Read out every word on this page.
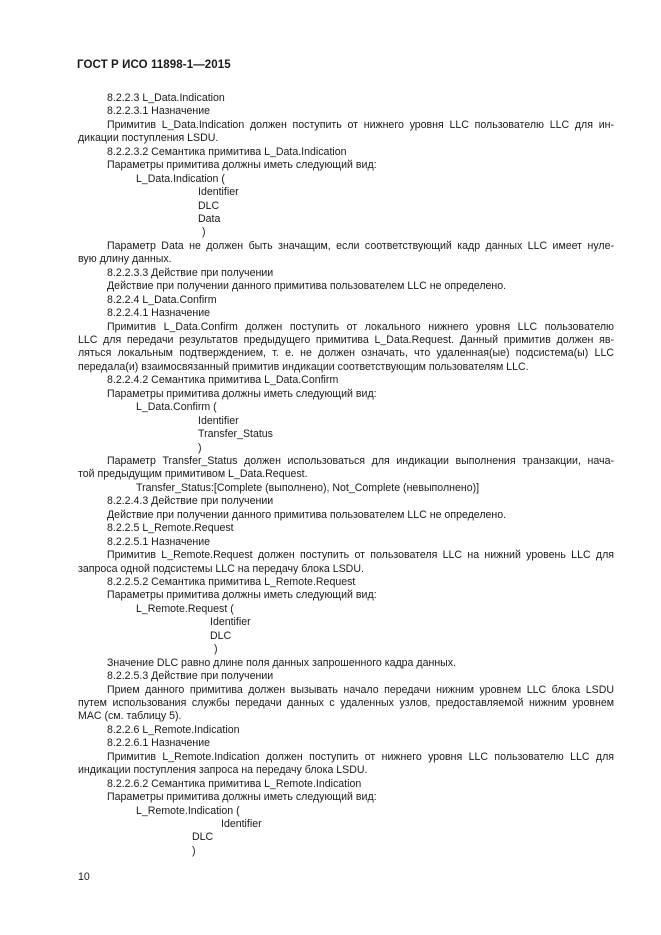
ГОСТ Р ИСО 11898-1—2015
8.2.2.3 L_Data.Indication
8.2.2.3.1 Назначение
Примитив L_Data.Indication должен поступить от нижнего уровня LLC пользователю LLC для ин-
дикации поступления LSDU.
8.2.2.3.2 Семантика примитива L_Data.Indication
Параметры примитива должны иметь следующий вид:
L_Data.Indication (
Identifier
DLC
Data
)
Параметр Data не должен быть значащим, если соответствующий кадр данных LLC имеет нуле-
вую длину данных.
8.2.2.3.3 Действие при получении
Действие при получении данного примитива пользователем LLC не определено.
8.2.2.4 L_Data.Confirm
8.2.2.4.1 Назначение
Примитив L_Data.Confirm должен поступить от локального нижнего уровня LLC пользователю
LLC для передачи результатов предыдущего примитива L_Data.Request. Данный примитив должен яв-
ляться локальным подтверждением, т. е. не должен означать, что удаленная(ые) подсистема(ы) LLC
передала(и) взаимосвязанный примитив индикации соответствующим пользователям LLC.
8.2.2.4.2 Семантика примитива L_Data.Confirm
Параметры примитива должны иметь следующий вид:
L_Data.Confirm (
Identifier
Transfer_Status
)
Параметр Transfer_Status должен использоваться для индикации выполнения транзакции, нача-
той предыдущим примитивом L_Data.Request.
Transfer_Status:[Complete (выполнено), Not_Complete (невыполнено)]
8.2.2.4.3 Действие при получении
Действие при получении данного примитива пользователем LLC не определено.
8.2.2.5 L_Remote.Request
8.2.2.5.1 Назначение
Примитив L_Remote.Request должен поступить от пользователя LLC на нижний уровень LLC для
запроса одной подсистемы LLC на передачу блока LSDU.
8.2.2.5.2 Семантика примитива L_Remote.Request
Параметры примитива должны иметь следующий вид:
L_Remote.Request (
Identifier
DLC
)
Значение DLC равно длине поля данных запрошенного кадра данных.
8.2.2.5.3 Действие при получении
Прием данного примитива должен вызывать начало передачи нижним уровнем LLC блока LSDU
путем использования службы передачи данных с удаленных узлов, предоставляемой нижним уровнем
MAC (см. таблицу 5).
8.2.2.6 L_Remote.Indication
8.2.2.6.1 Назначение
Примитив L_Remote.Indication должен поступить от нижнего уровня LLC пользователю LLC для
индикации поступления запроса на передачу блока LSDU.
8.2.2.6.2 Семантика примитива L_Remote.Indication
Параметры примитива должны иметь следующий вид:
L_Remote.Indication (
Identifier
DLC
)
10
